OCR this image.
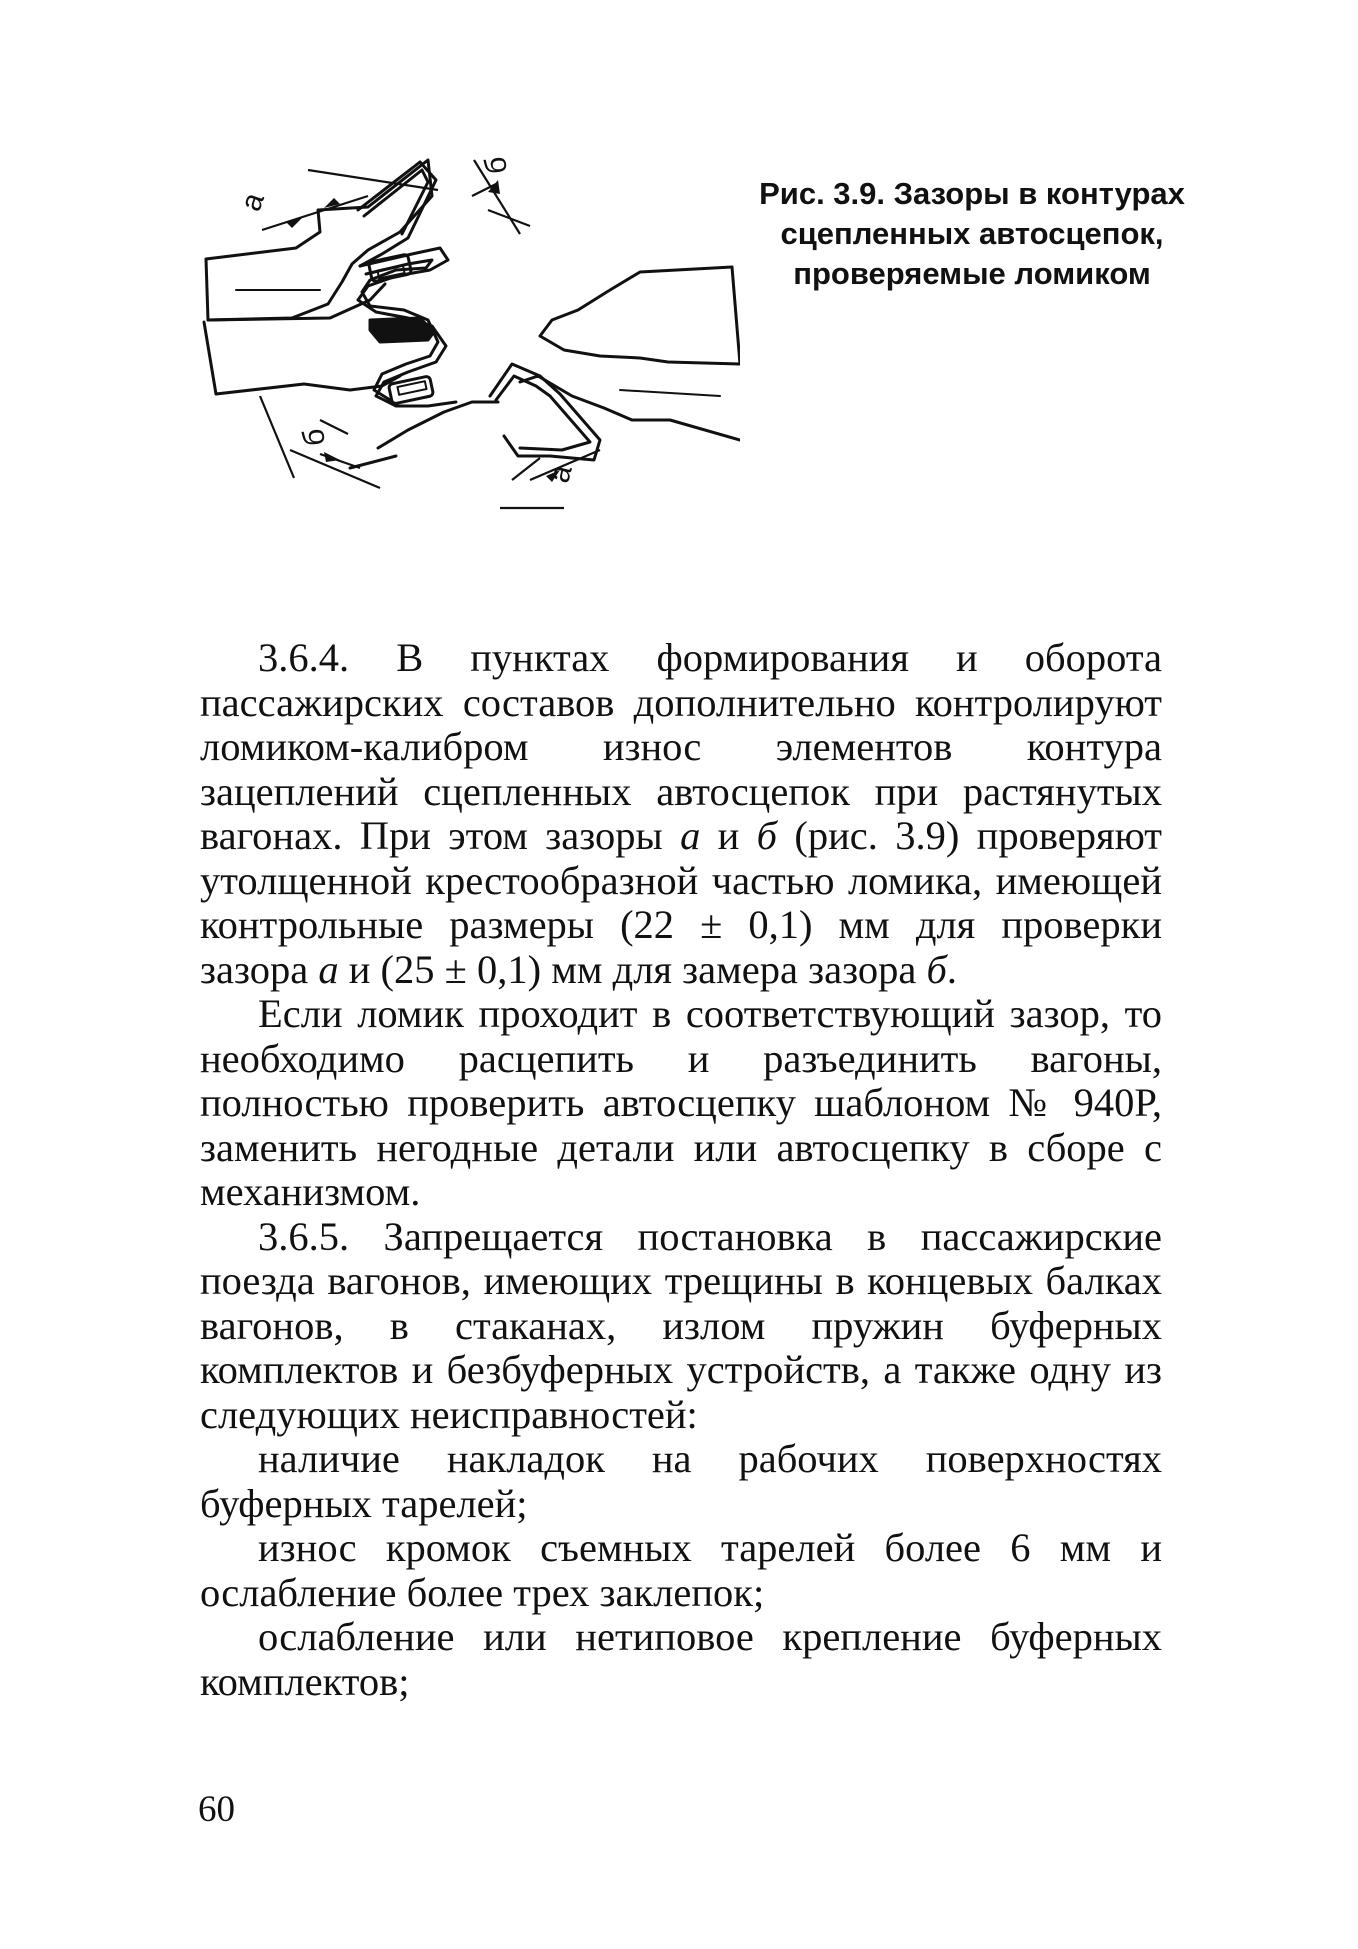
а
б
б
а
Рис. 3.9. Зазоры в контурах сцепленных автосцепок, проверяемые ломиком

3.6.4. В пунктах формирования и оборота пассажирских составов дополнительно контролируют ломиком-калибром износ элементов контура зацеплений сцепленных автосцепок при растянутых вагонах. При этом зазоры а и б (рис. 3.9) проверяют утолщенной крестообразной частью ломика, имеющей контрольные размеры (22 ± 0,1) мм для проверки зазора а и (25 ± 0,1) мм для замера зазора б.

Если ломик проходит в соответствующий зазор, то необходимо расцепить и разъединить вагоны, полностью проверить автосцепку шаблоном № 940Р, заменить негодные детали или автосцепку в сборе с механизмом.

3.6.5. Запрещается постановка в пассажирские поезда вагонов, имеющих трещины в концевых балках вагонов, в стаканах, излом пружин буферных комплектов и безбуферных устройств, а также одну из следующих неисправностей:

наличие накладок на рабочих поверхностях буферных тарелей;

износ кромок съемных тарелей более 6 мм и ослабление более трех заклепок;

ослабление или нетиповое крепление буферных комплектов;

60
